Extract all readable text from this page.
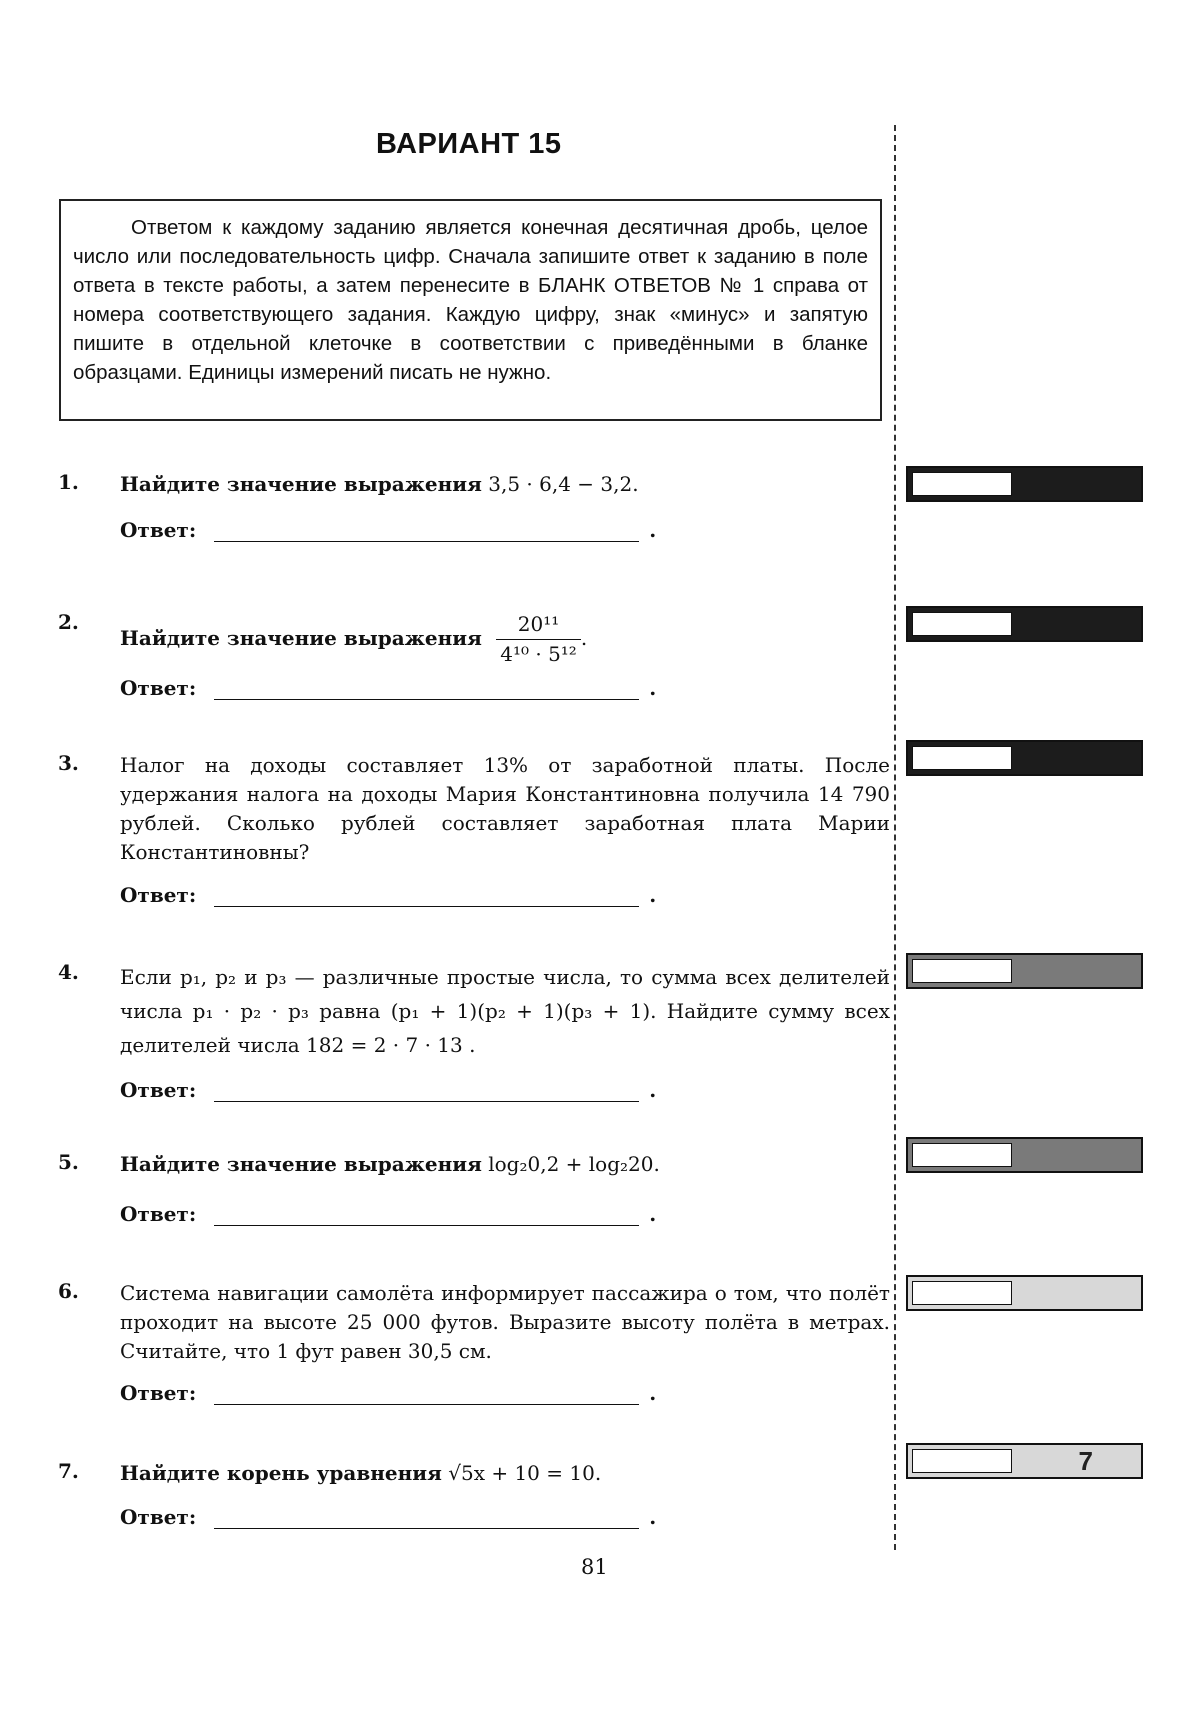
ВАРИАНТ 15

Ответом к каждому заданию является конечная десятичная дробь, целое число или последовательность цифр. Сначала запишите ответ к заданию в поле ответа в тексте работы, а затем перенесите в БЛАНК ОТВЕТОВ № 1 справа от номера соответствующего задания. Каждую цифру, знак «минус» и запятую пишите в отдельной клеточке в соответствии с приведёнными в бланке образцами. Единицы измерений писать не нужно.

1.	Найдите значение выражения 3,5 · 6,4 − 3,2.
Ответ:	.
2.
Найдите значение выражения $\frac{\text{20¹¹}}{\text{4¹⁰ · 5¹²}}$ .
Ответ:	.
3.	Налог на доходы составляет 13% от заработной платы. После удержания налога на доходы Мария Константиновна получила 14 790 рублей. Сколько рублей составляет заработная плата Марии Константиновны?
Ответ:	.
4.	Если p₁, p₂ и p₃ — различные простые числа, то сумма всех делителей числа p₁ · p₂ · p₃ равна (p₁ + 1)(p₂ + 1)(p₃ + 1). Найдите сумму всех делителей числа 182 = 2 · 7 · 13 .
Ответ:	.
5.	Найдите значение выражения log₂0,2 + log₂20.
Ответ:	.
6.	Система навигации самолёта информирует пассажира о том, что полёт проходит на высоте 25 000 футов. Выразите высоту полёта в метрах. Считайте, что 1 фут равен 30,5 см.
Ответ:	.
7.	Найдите корень уравнения √5x + 10 = 10.
Ответ:	.
7
81
